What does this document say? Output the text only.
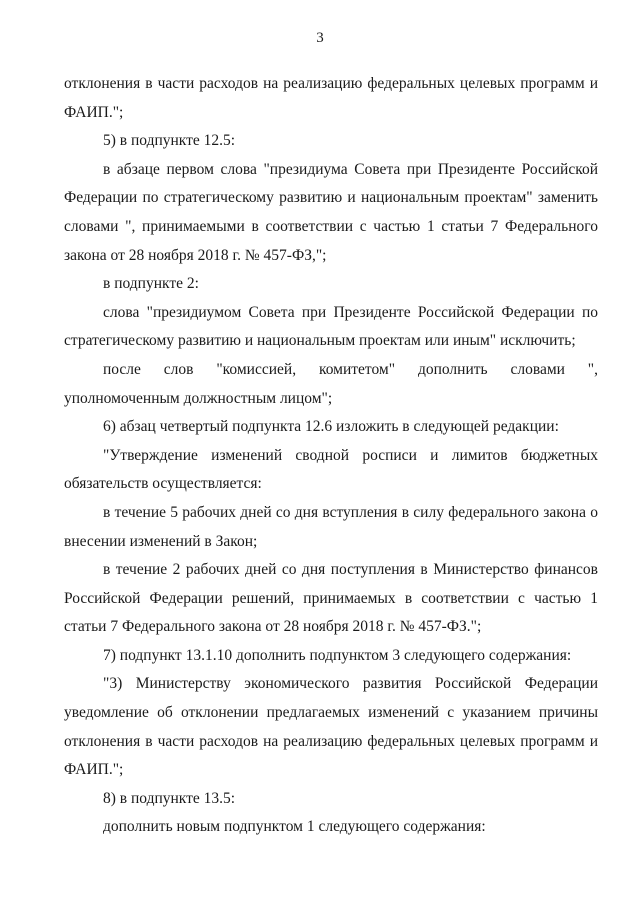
3

отклонения в части расходов на реализацию федеральных целевых программ и ФАИП.";

5) в подпункте 12.5:

в абзаце первом слова "президиума Совета при Президенте Российской Федерации по стратегическому развитию и национальным проектам" заменить словами ", принимаемыми в соответствии с частью 1 статьи 7 Федерального закона от 28 ноября 2018 г. № 457-ФЗ,";

в подпункте 2:

слова "президиумом Совета при Президенте Российской Федерации по стратегическому развитию и национальным проектам или иным" исключить;

после слов "комиссией, комитетом" дополнить словами ", уполномоченным должностным лицом";

6) абзац четвертый подпункта 12.6 изложить в следующей редакции:

"Утверждение изменений сводной росписи и лимитов бюджетных обязательств осуществляется:

в течение 5 рабочих дней со дня вступления в силу федерального закона о внесении изменений в Закон;

в течение 2 рабочих дней со дня поступления в Министерство финансов Российской Федерации решений, принимаемых в соответствии с частью 1 статьи 7 Федерального закона от 28 ноября 2018 г. № 457-ФЗ.";

7) подпункт 13.1.10 дополнить подпунктом 3 следующего содержания:

"3) Министерству экономического развития Российской Федерации уведомление об отклонении предлагаемых изменений с указанием причины отклонения в части расходов на реализацию федеральных целевых программ и ФАИП.";

8) в подпункте 13.5:

дополнить новым подпунктом 1 следующего содержания:
